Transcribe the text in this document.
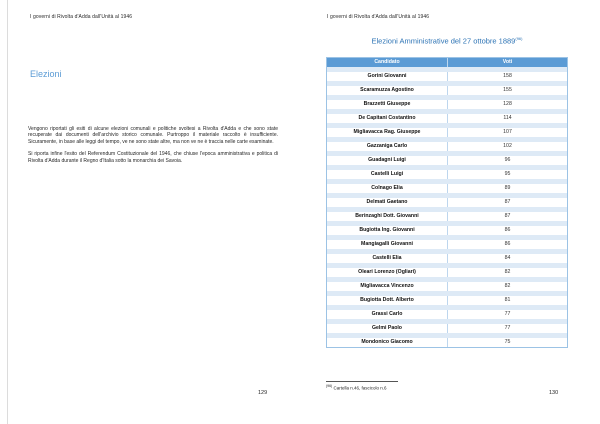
I governi di Rivolta d'Adda dall'Unità al 1946	I governi di Rivolta d'Adda dall'Unità al 1946
Elezioni

Vengono riportati gli esiti di alcune elezioni comunali e politiche svoltesi a Rivolta d'Adda e che sono state recuperate dai documenti dell'archivio storico comunale. Purtroppo il materiale raccolto è insufficiente. Sicuramente, in base alle leggi del tempo, ve ne sono state altre, ma non ve ne è traccia nelle carte esaminate.

Si riporta infine l'esito del Referendum Costituzionale del 1946, che chiuse l'epoca amministrativa e politica di Rivolta d'Adda durante il Regno d'Italia sotto la monarchia dei Savoia.

129
Elezioni Amministrative del 27 ottobre 1889$^{(96)}$
Candidato	Voti
Gorini Giovanni	158
Scaramuzza Agostino	155
Brazzetti Giuseppe	128
De Capitani Costantino	114
Migliavacca Rag. Giuseppe	107
Gazzaniga Carlo	102
Guadagni Luigi	96
Castelli Luigi	95
Colnago Elia	89
Delmati Gaetano	87
Berinzaghi Dott. Giovanni	87
Bugiotta Ing. Giovanni	86
Mangiagalli Giovanni	86
Castelli Elia	84
Oleari Lorenzo (Ogliari)	82
Migliavacca Vincenzo	82
Bugiotta Dott. Alberto	81
Grassi Carlo	77
Gelmi Paolo	77
Mondonico Giacomo	75
$^{(96)}$ Cartella n.46, fascicolo n.6
130
